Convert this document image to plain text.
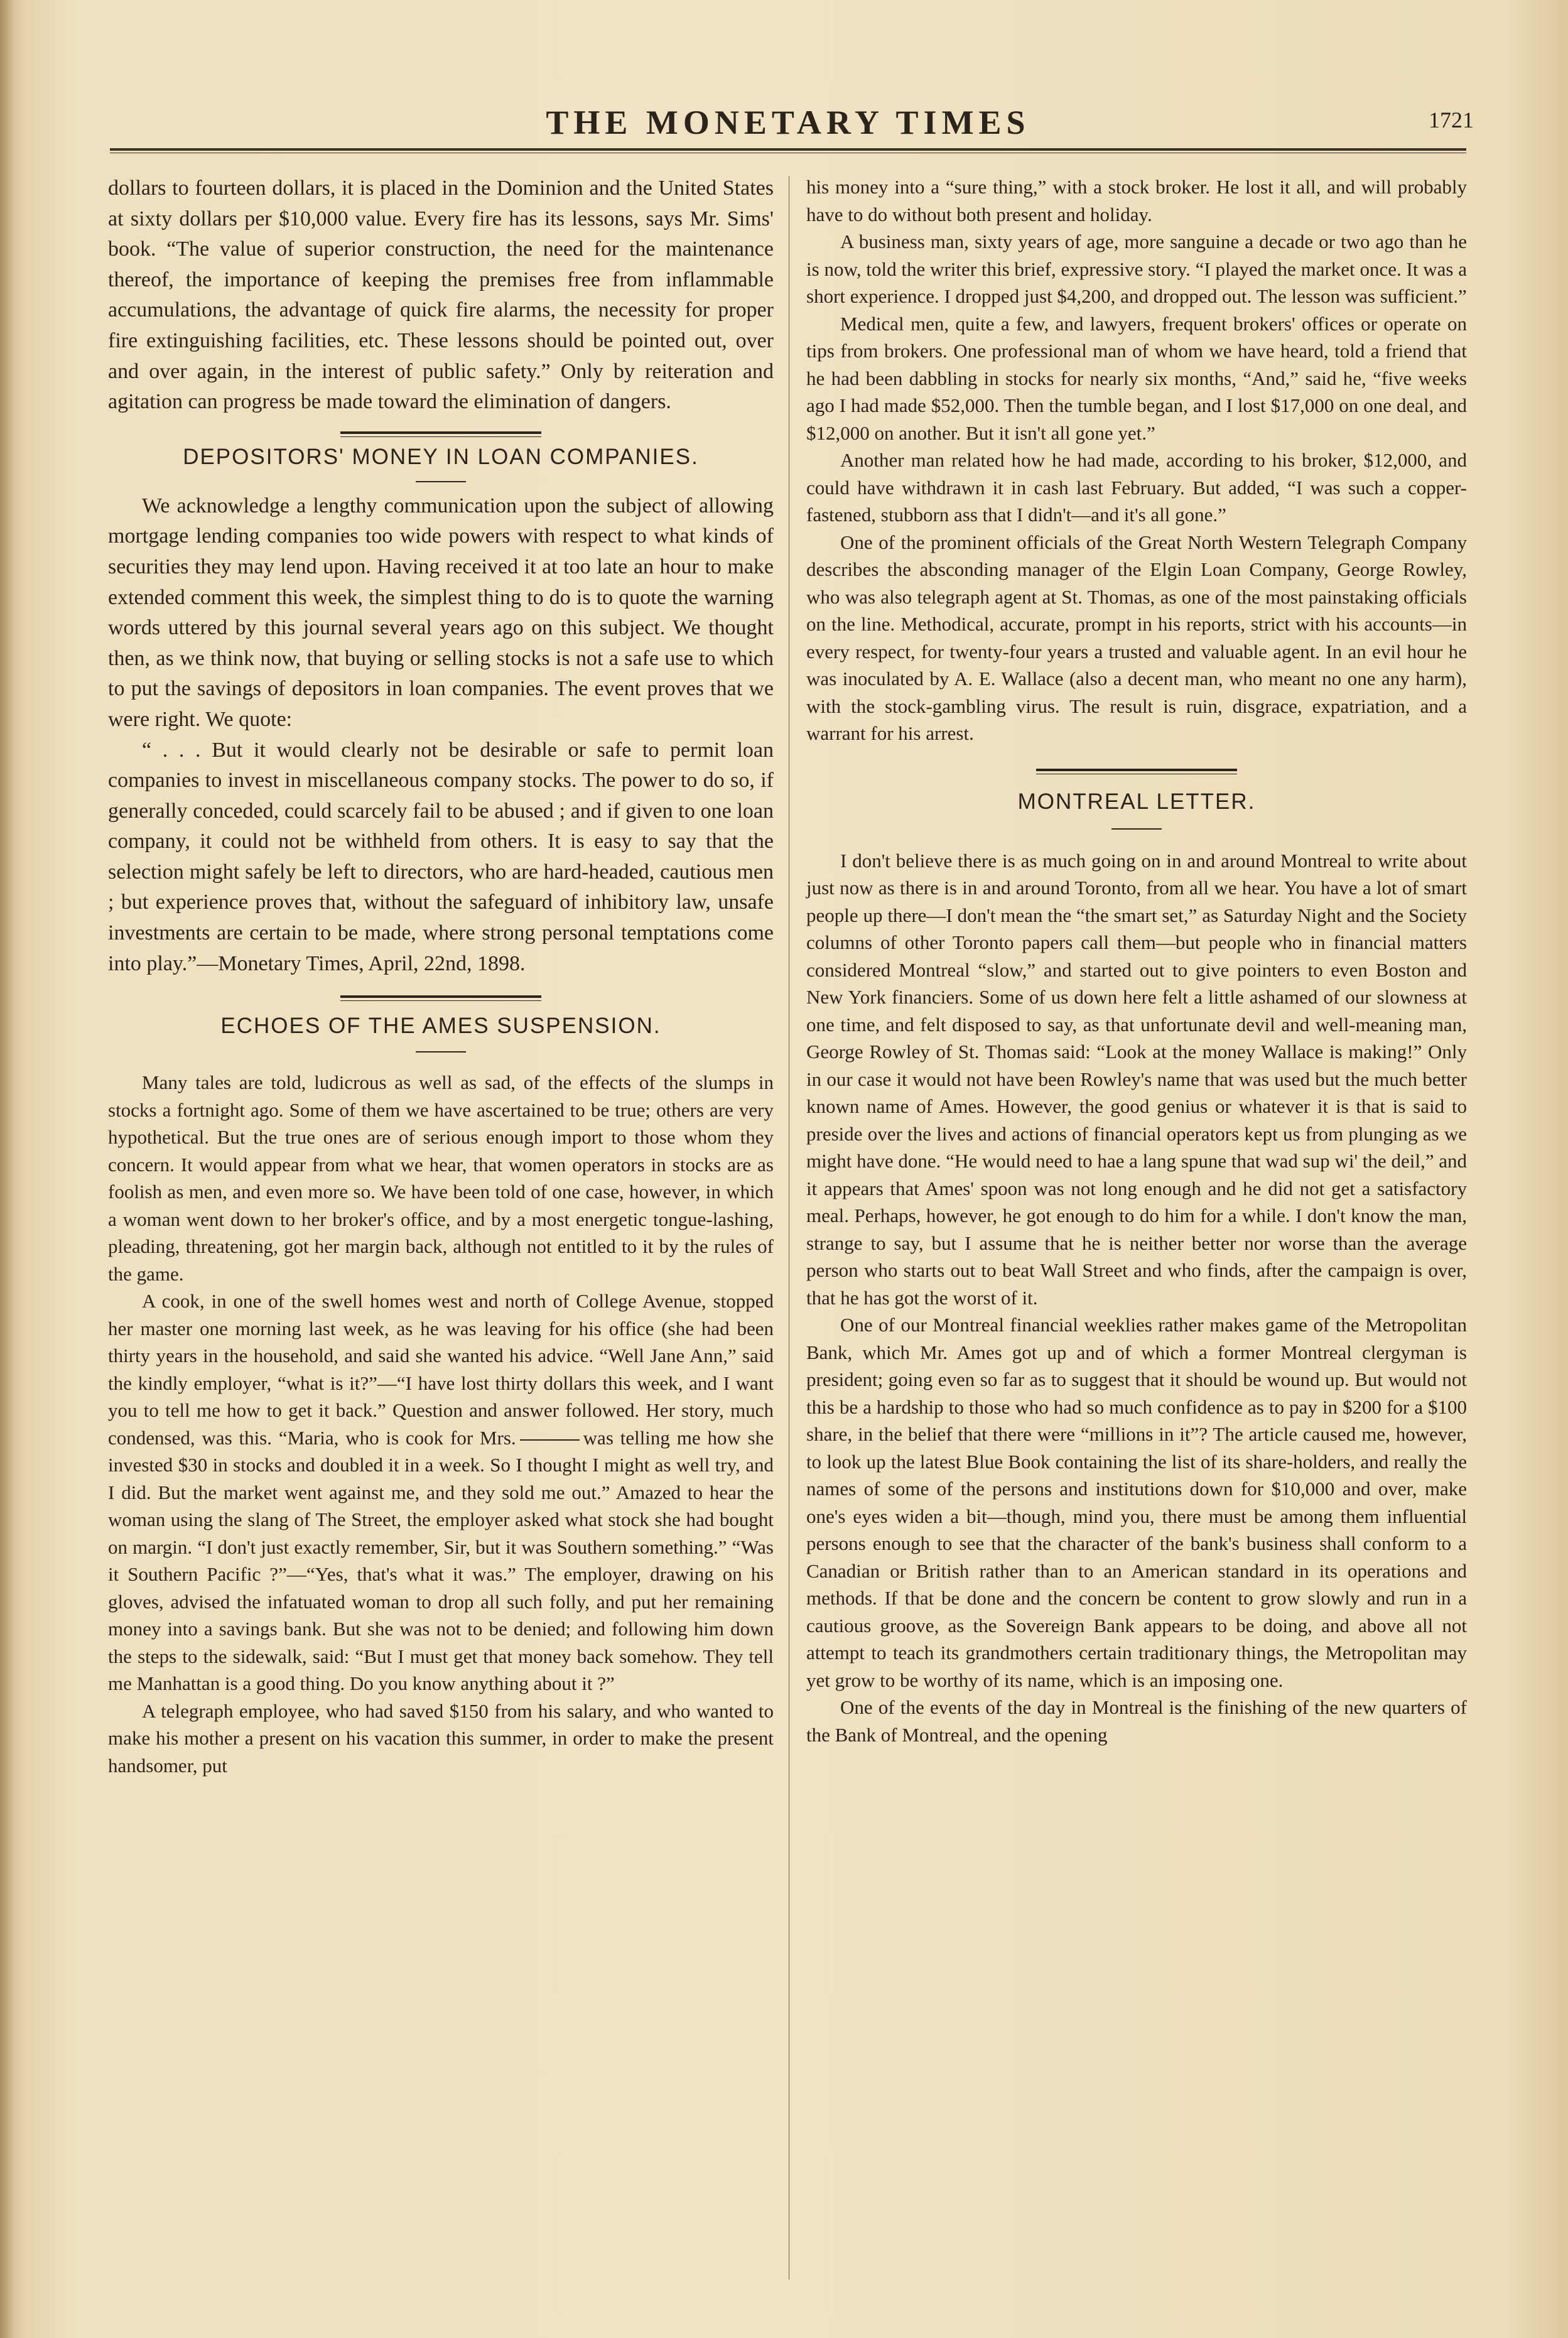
THE MONETARY TIMES	1721

dollars to fourteen dollars, it is placed in the Dominion and the United States at sixty dollars per $10,000 value. Every fire has its lessons, says Mr. Sims' book. “The value of superior construction, the need for the maintenance thereof, the importance of keeping the premises free from inflammable accumulations, the advantage of quick fire alarms, the necessity for proper fire extinguishing facilities, etc. These lessons should be pointed out, over and over again, in the interest of public safety.” Only by reiteration and agitation can progress be made toward the elimination of dangers.

DEPOSITORS' MONEY IN LOAN COMPANIES.

We acknowledge a lengthy communication upon the subject of allowing mortgage lending companies too wide powers with respect to what kinds of securities they may lend upon. Having received it at too late an hour to make extended comment this week, the simplest thing to do is to quote the warning words uttered by this journal several years ago on this subject. We thought then, as we think now, that buying or selling stocks is not a safe use to which to put the savings of depositors in loan companies. The event proves that we were right. We quote:

“ . . . But it would clearly not be desirable or safe to permit loan companies to invest in miscellaneous company stocks. The power to do so, if generally conceded, could scarcely fail to be abused ; and if given to one loan company, it could not be withheld from others. It is easy to say that the selection might safely be left to directors, who are hard-headed, cautious men ; but experience proves that, without the safeguard of inhibitory law, unsafe investments are certain to be made, where strong personal temptations come into play.”—Monetary Times, April, 22nd, 1898.

ECHOES OF THE AMES SUSPENSION.

Many tales are told, ludicrous as well as sad, of the effects of the slumps in stocks a fortnight ago. Some of them we have ascertained to be true; others are very hypothetical. But the true ones are of serious enough import to those whom they concern. It would appear from what we hear, that women operators in stocks are as foolish as men, and even more so. We have been told of one case, however, in which a woman went down to her broker's office, and by a most energetic tongue-lashing, pleading, threatening, got her margin back, although not entitled to it by the rules of the game.

A cook, in one of the swell homes west and north of College Avenue, stopped her master one morning last week, as he was leaving for his office (she had been thirty years in the household, and said she wanted his advice. “Well Jane Ann,” said the kindly employer, “what is it?”—“I have lost thirty dollars this week, and I want you to tell me how to get it back.” Question and answer followed. Her story, much condensed, was this. “Maria, who is cook for Mrs.	was telling me how she invested $30 in stocks and doubled it in a week. So I thought I might as well try, and I did. But the market went against me, and they sold me out.” Amazed to hear the woman using the slang of The Street, the employer asked what stock she had bought on margin. “I don't just exactly remember, Sir, but it was Southern something.” “Was it Southern Pacific ?”—“Yes, that's what it was.” The employer, drawing on his gloves, advised the infatuated woman to drop all such folly, and put her remaining money into a savings bank. But she was not to be denied; and following him down the steps to the sidewalk, said: “But I must get that money back somehow. They tell me Manhattan is a good thing. Do you know anything about it ?”

A telegraph employee, who had saved $150 from his salary, and who wanted to make his mother a present on his vacation this summer, in order to make the present handsomer, put

his money into a “sure thing,” with a stock broker. He lost it all, and will probably have to do without both present and holiday.

A business man, sixty years of age, more sanguine a decade or two ago than he is now, told the writer this brief, expressive story. “I played the market once. It was a short experience. I dropped just $4,200, and dropped out. The lesson was sufficient.”

Medical men, quite a few, and lawyers, frequent brokers' offices or operate on tips from brokers. One professional man of whom we have heard, told a friend that he had been dabbling in stocks for nearly six months, “And,” said he, “five weeks ago I had made $52,000. Then the tumble began, and I lost $17,000 on one deal, and $12,000 on another. But it isn't all gone yet.”

Another man related how he had made, according to his broker, $12,000, and could have withdrawn it in cash last February. But added, “I was such a copper-fastened, stubborn ass that I didn't—and it's all gone.”

One of the prominent officials of the Great North Western Telegraph Company describes the absconding manager of the Elgin Loan Company, George Rowley, who was also telegraph agent at St. Thomas, as one of the most painstaking officials on the line. Methodical, accurate, prompt in his reports, strict with his accounts—in every respect, for twenty-four years a trusted and valuable agent. In an evil hour he was inoculated by A. E. Wallace (also a decent man, who meant no one any harm), with the stock-gambling virus. The result is ruin, disgrace, expatriation, and a warrant for his arrest.

MONTREAL LETTER.

I don't believe there is as much going on in and around Montreal to write about just now as there is in and around Toronto, from all we hear. You have a lot of smart people up there—I don't mean the “the smart set,” as Saturday Night and the Society columns of other Toronto papers call them—but people who in financial matters considered Montreal “slow,” and started out to give pointers to even Boston and New York financiers. Some of us down here felt a little ashamed of our slowness at one time, and felt disposed to say, as that unfortunate devil and well-meaning man, George Rowley of St. Thomas said: “Look at the money Wallace is making!” Only in our case it would not have been Rowley's name that was used but the much better known name of Ames. However, the good genius or whatever it is that is said to preside over the lives and actions of financial operators kept us from plunging as we might have done. “He would need to hae a lang spune that wad sup wi' the deil,” and it appears that Ames' spoon was not long enough and he did not get a satisfactory meal. Perhaps, however, he got enough to do him for a while. I don't know the man, strange to say, but I assume that he is neither better nor worse than the average person who starts out to beat Wall Street and who finds, after the campaign is over, that he has got the worst of it.

One of our Montreal financial weeklies rather makes game of the Metropolitan Bank, which Mr. Ames got up and of which a former Montreal clergyman is president; going even so far as to suggest that it should be wound up. But would not this be a hardship to those who had so much confidence as to pay in $200 for a $100 share, in the belief that there were “millions in it”? The article caused me, however, to look up the latest Blue Book containing the list of its share-holders, and really the names of some of the persons and institutions down for $10,000 and over, make one's eyes widen a bit—though, mind you, there must be among them influential persons enough to see that the character of the bank's business shall conform to a Canadian or British rather than to an American standard in its operations and methods. If that be done and the concern be content to grow slowly and run in a cautious groove, as the Sovereign Bank appears to be doing, and above all not attempt to teach its grandmothers certain traditionary things, the Metropolitan may yet grow to be worthy of its name, which is an imposing one.

One of the events of the day in Montreal is the finishing of the new quarters of the Bank of Montreal, and the opening
